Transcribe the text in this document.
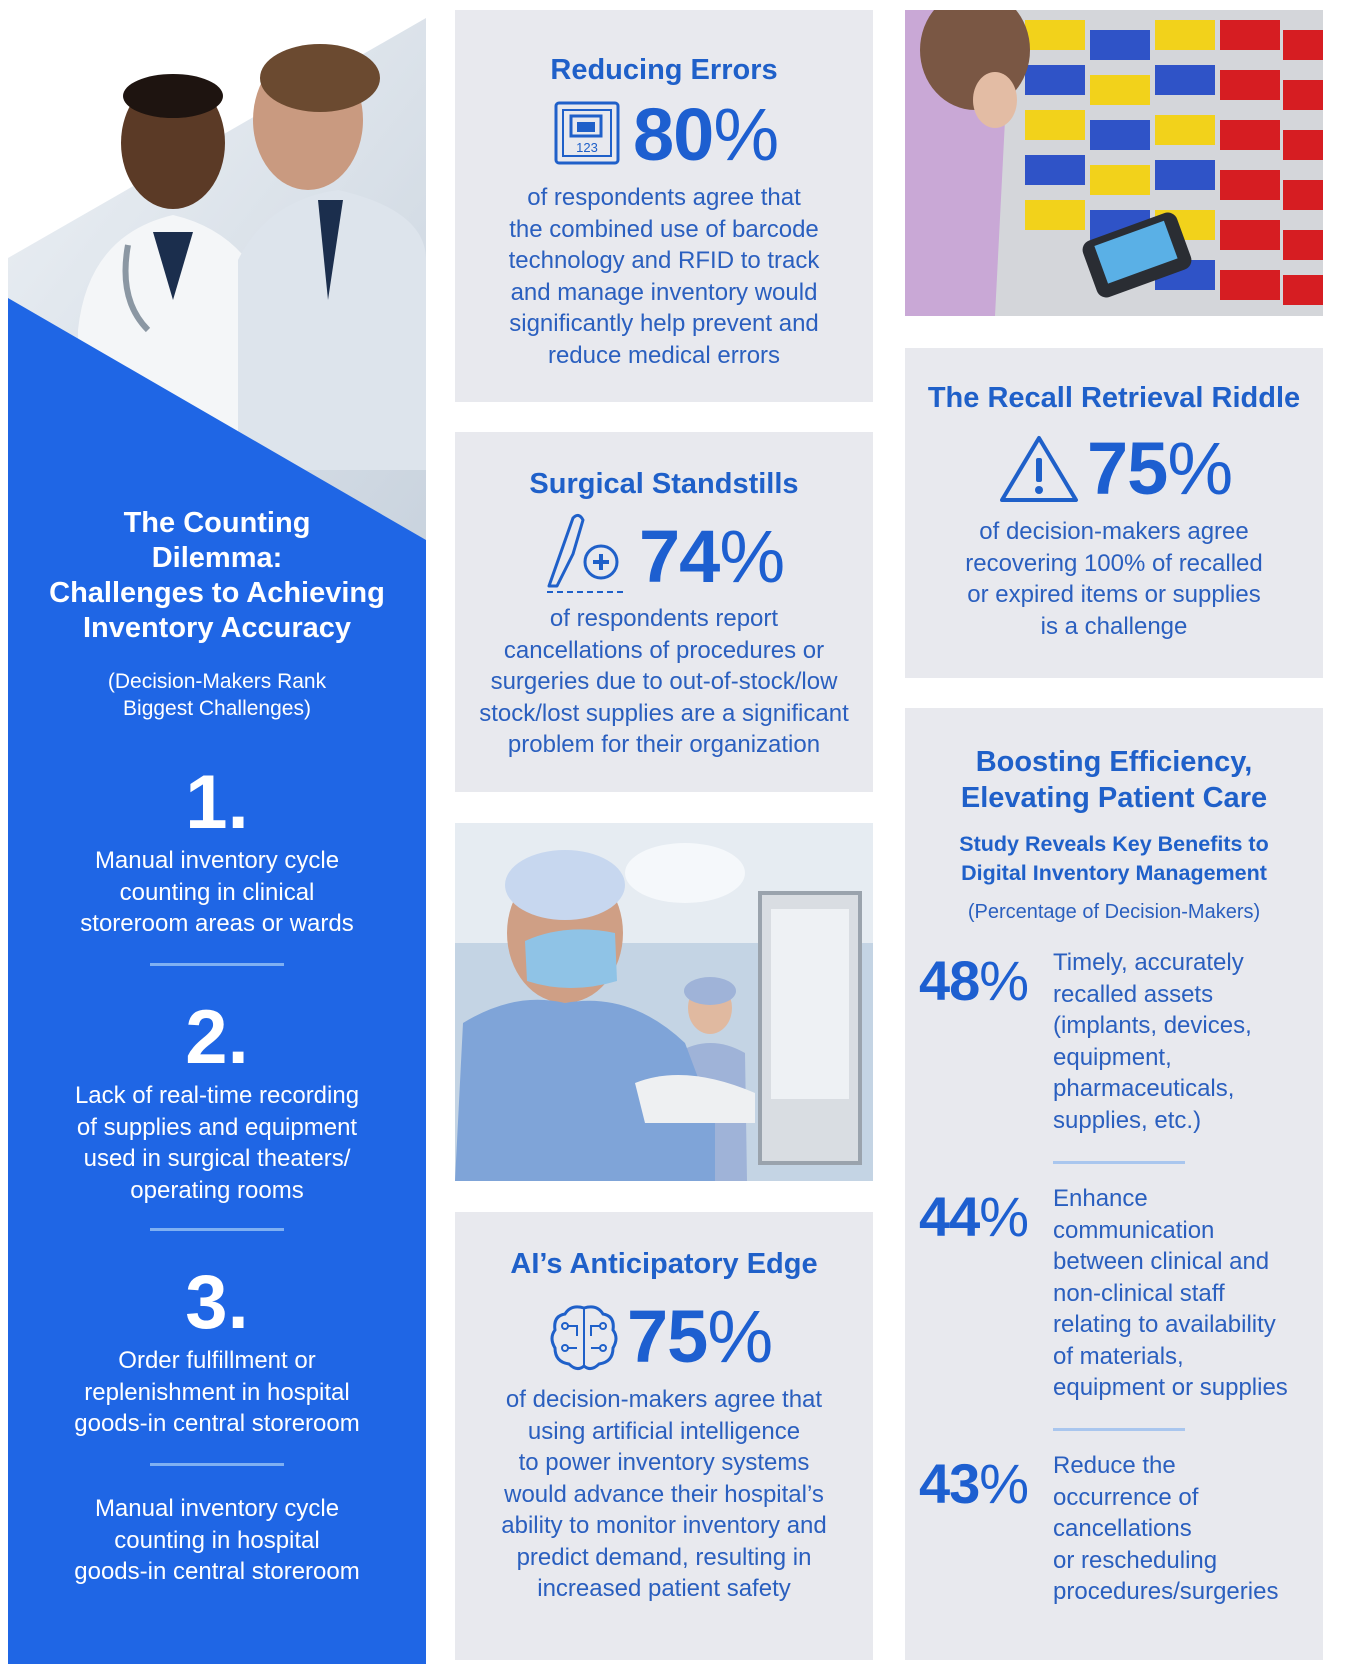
The Counting
Dilemma:
Challenges to Achieving
Inventory Accuracy
(Decision-Makers Rank
Biggest Challenges)
1.
Manual inventory cycle
counting in clinical
storeroom areas or wards
2.
Lack of real-time recording
of supplies and equipment
used in surgical theaters/
operating rooms
3.
Order fulfillment or
replenishment in hospital
goods-in central storeroom
Manual inventory cycle
counting in hospital
goods-in central storeroom
Reducing Errors
123 80%
of respondents agree that
the combined use of barcode
technology and RFID to track
and manage inventory would
significantly help prevent and
reduce medical errors
Surgical Standstills
74%
of respondents report
cancellations of procedures or
surgeries due to out-of-stock/low
stock/lost supplies are a significant
problem for their organization
AI’s Anticipatory Edge
75%
of decision-makers agree that
using artificial intelligence
to power inventory systems
would advance their hospital’s
ability to monitor inventory and
predict demand, resulting in
increased patient safety
The Recall Retrieval Riddle
75%
of decision-makers agree
recovering 100% of recalled
or expired items or supplies
is a challenge
Boosting Efficiency,
Elevating Patient Care
Study Reveals Key Benefits to
Digital Inventory Management
(Percentage of Decision-Makers)
48% Timely, accurately
recalled assets
(implants, devices,
equipment,
pharmaceuticals,
supplies, etc.)
44% Enhance
communication
between clinical and
non-clinical staff
relating to availability
of materials,
equipment or supplies
43% Reduce the
occurrence of
cancellations
or rescheduling
procedures/surgeries
